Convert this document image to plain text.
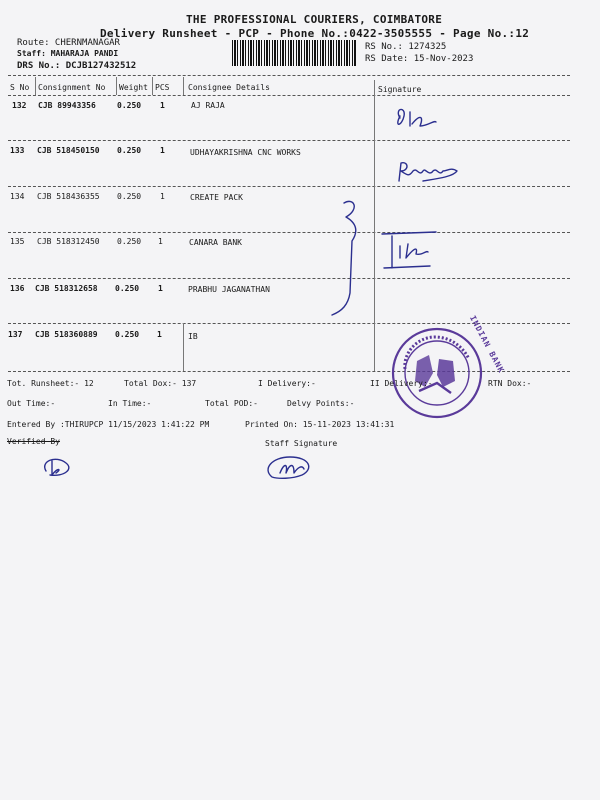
THE PROFESSIONAL COURIERS, COIMBATORE
Delivery Runsheet - PCP - Phone No.:0422-3505555 - Page No.:12
Route: CHERNMANAGAR
Staff: MAHARAJA PANDI
DRS No.: DCJB127432512
RS No.: 1274325
RS Date: 15-Nov-2023
S No Consignment No Weight PCS Consignee Details	Signature
132 CJB 89943356	0.250 1	AJ RAJA
133 CJB 518450150 0.250 1	UDHAYAKRISHNA CNC WORKS
134 CJB 518436355 0.250 1	CREATE PACK
135 CJB 518312450 0.250 1	CANARA BANK
136 CJB 518312658 0.250 1	PRABHU JAGANATHAN
137 CJB 518360889 0.250 1	IB	INDIAN BANK
Tot. Runsheet:- 12	Total Dox:- 137	I Delivery:-	II Delivery:-	RTN Dox:-
Out Time:-	In Time:-	Total POD:-	Delvy Points:-
Entered By :THIRUPCP 11/15/2023 1:41:22 PM	Printed On: 15-11-2023 13:41:31
Verified By	Staff Signature
